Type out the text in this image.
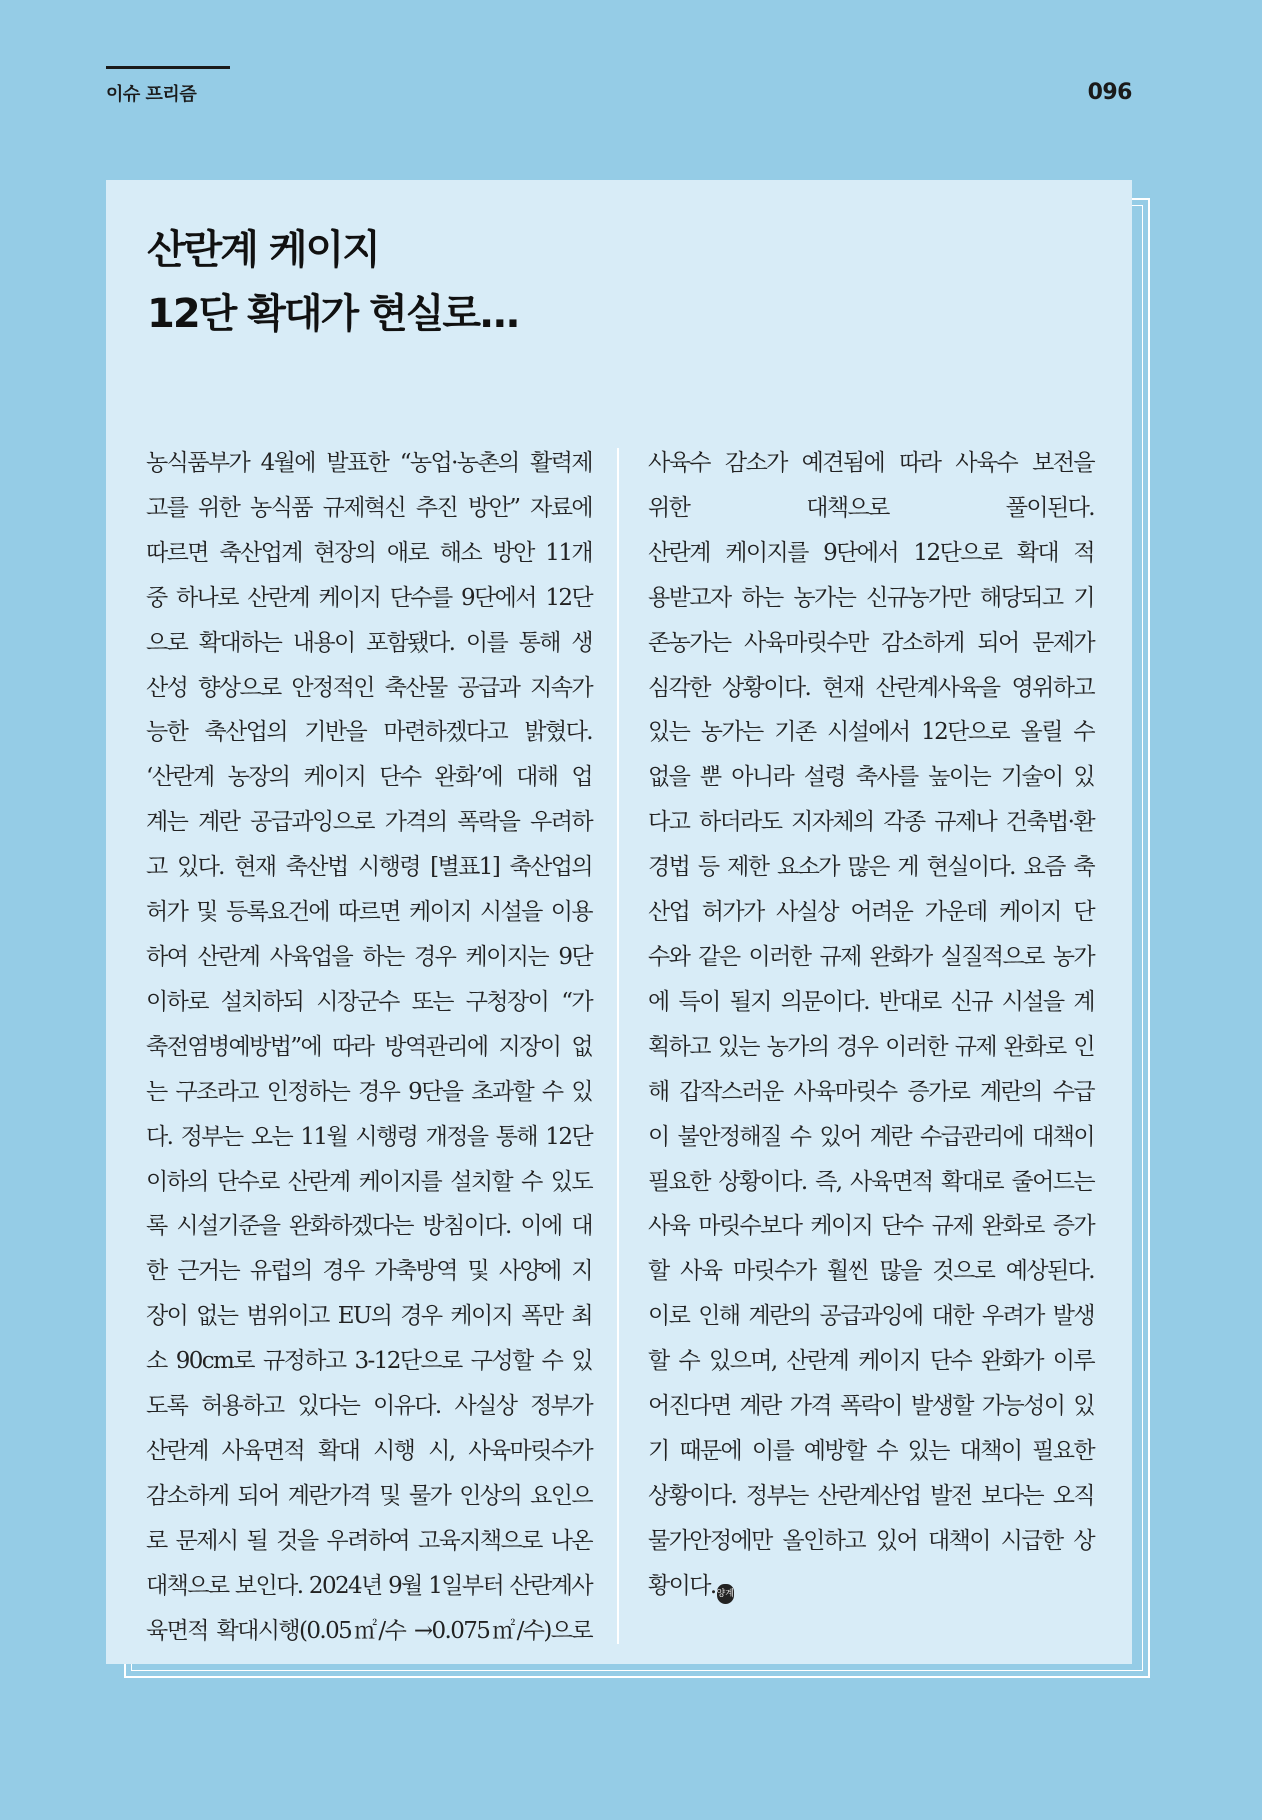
이슈 프리즘	096
산란계 케이지
12단 확대가 현실로...
농식품부가 4월에 발표한 “농업·농촌의 활력제
고를 위한 농식품 규제혁신 추진 방안” 자료에
따르면 축산업계 현장의 애로 해소 방안 11개
중 하나로 산란계 케이지 단수를 9단에서 12단
으로 확대하는 내용이 포함됐다. 이를 통해 생
산성 향상으로 안정적인 축산물 공급과 지속가
능한 축산업의 기반을 마련하겠다고 밝혔다.
‘산란계 농장의 케이지 단수 완화’에 대해 업
계는 계란 공급과잉으로 가격의 폭락을 우려하
고 있다. 현재 축산법 시행령 [별표1] 축산업의
허가 및 등록요건에 따르면 케이지 시설을 이용
하여 산란계 사육업을 하는 경우 케이지는 9단
이하로 설치하되 시장군수 또는 구청장이 “가
축전염병예방법”에 따라 방역관리에 지장이 없
는 구조라고 인정하는 경우 9단을 초과할 수 있
다. 정부는 오는 11월 시행령 개정을 통해 12단
이하의 단수로 산란계 케이지를 설치할 수 있도
록 시설기준을 완화하겠다는 방침이다. 이에 대
한 근거는 유럽의 경우 가축방역 및 사양에 지
장이 없는 범위이고 EU의 경우 케이지 폭만 최
소 90cm로 규정하고 3-12단으로 구성할 수 있
도록 허용하고 있다는 이유다. 사실상 정부가
산란계 사육면적 확대 시행 시, 사육마릿수가
감소하게 되어 계란가격 및 물가 인상의 요인으
로 문제시 될 것을 우려하여 고육지책으로 나온
대책으로 보인다. 2024년 9월 1일부터 산란계사
육면적 확대시행(0.05㎡/수 →0.075㎡/수)으로
사육수 감소가 예견됨에 따라 사육수 보전을
위한 대책으로 풀이된다.
산란계 케이지를 9단에서 12단으로 확대 적
용받고자 하는 농가는 신규농가만 해당되고 기
존농가는 사육마릿수만 감소하게 되어 문제가
심각한 상황이다. 현재 산란계사육을 영위하고
있는 농가는 기존 시설에서 12단으로 올릴 수
없을 뿐 아니라 설령 축사를 높이는 기술이 있
다고 하더라도 지자체의 각종 규제나 건축법·환
경법 등 제한 요소가 많은 게 현실이다. 요즘 축
산업 허가가 사실상 어려운 가운데 케이지 단
수와 같은 이러한 규제 완화가 실질적으로 농가
에 득이 될지 의문이다. 반대로 신규 시설을 계
획하고 있는 농가의 경우 이러한 규제 완화로 인
해 갑작스러운 사육마릿수 증가로 계란의 수급
이 불안정해질 수 있어 계란 수급관리에 대책이
필요한 상황이다. 즉, 사육면적 확대로 줄어드는
사육 마릿수보다 케이지 단수 규제 완화로 증가
할 사육 마릿수가 훨씬 많을 것으로 예상된다.
이로 인해 계란의 공급과잉에 대한 우려가 발생
할 수 있으며, 산란계 케이지 단수 완화가 이루
어진다면 계란 가격 폭락이 발생할 가능성이 있
기 때문에 이를 예방할 수 있는 대책이 필요한
상황이다. 정부는 산란계산업 발전 보다는 오직
물가안정에만 올인하고 있어 대책이 시급한 상
황이다.양계
